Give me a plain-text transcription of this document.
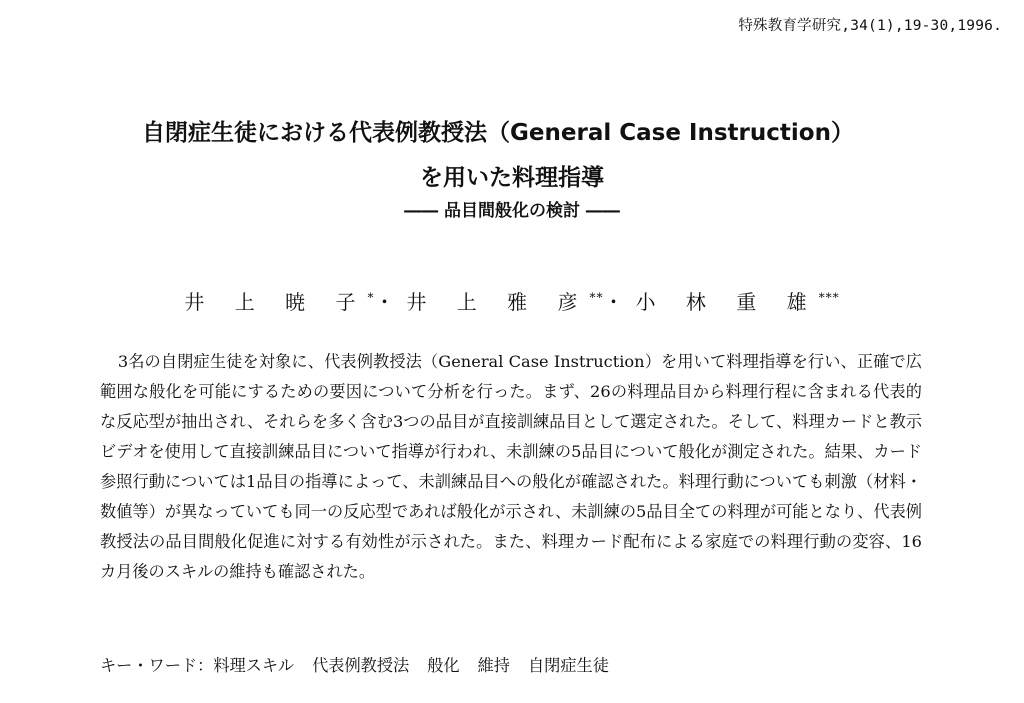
特殊教育学研究,34(1),19-30,1996.
自閉症生徒における代表例教授法（General Case Instruction）
を用いた料理指導
―― 品目間般化の検討 ――
井 上 暁 子*・井 上 雅 彦**・小 林 重 雄***
3名の自閉症生徒を対象に、代表例教授法（General Case Instruction）を用いて料理指導を行い、正確で広範囲な般化を可能にするための要因について分析を行った。まず、26の料理品目から料理行程に含まれる代表的な反応型が抽出され、それらを多く含む3つの品目が直接訓練品目として選定された。そして、料理カードと教示ビデオを使用して直接訓練品目について指導が行われ、未訓練の5品目について般化が測定された。結果、カード参照行動については1品目の指導によって、未訓練品目への般化が確認された。料理行動についても刺激（材料・数値等）が異なっていても同一の反応型であれば般化が示され、未訓練の5品目全ての料理が可能となり、代表例教授法の品目間般化促進に対する有効性が示された。また、料理カード配布による家庭での料理行動の変容、16カ月後のスキルの維持も確認された。
キー・ワード：料理スキル 代表例教授法 般化 維持 自閉症生徒
